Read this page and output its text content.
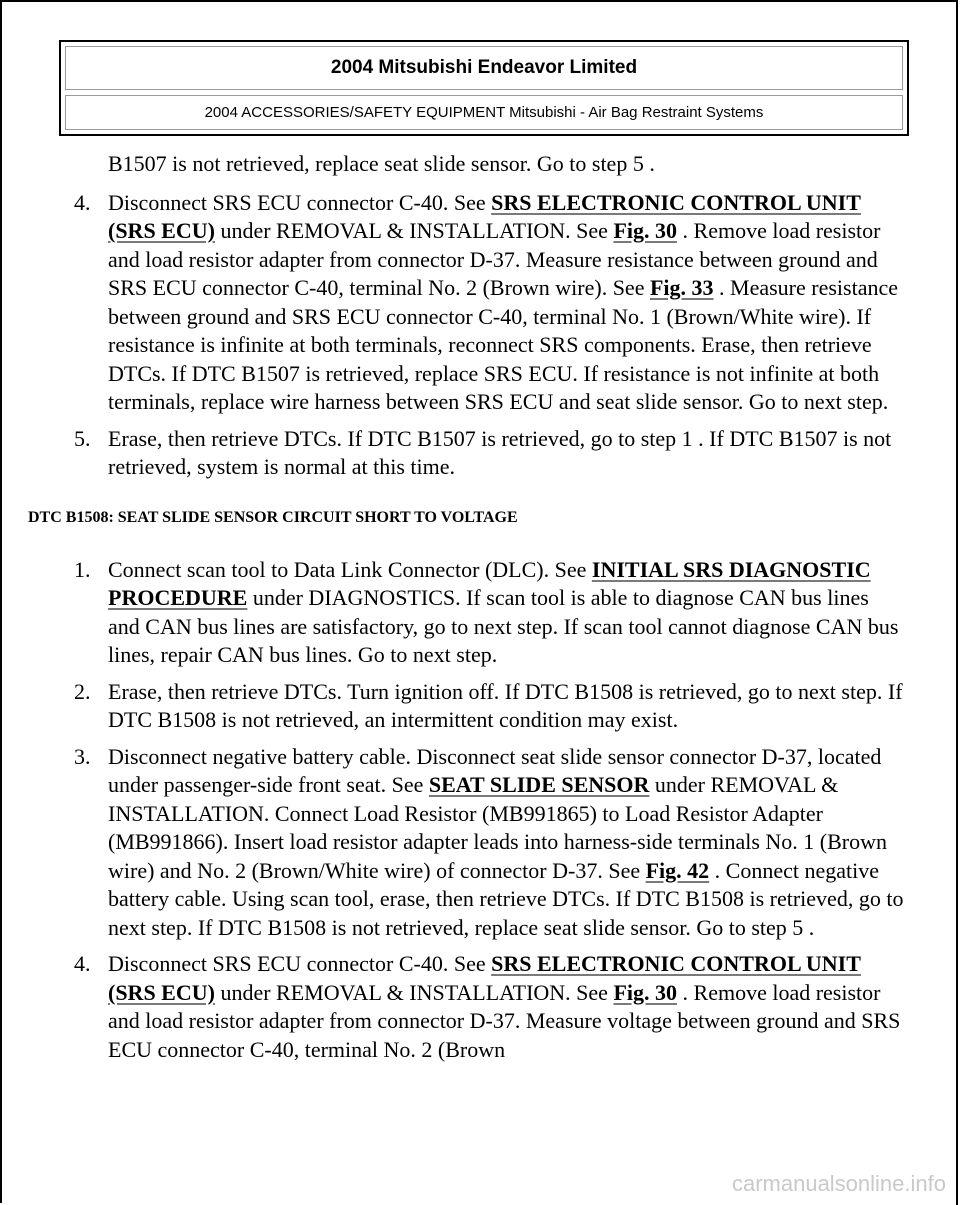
2004 Mitsubishi Endeavor Limited
2004 ACCESSORIES/SAFETY EQUIPMENT Mitsubishi - Air Bag Restraint Systems

B1507 is not retrieved, replace seat slide sensor. Go to step 5 .

4. Disconnect SRS ECU connector C-40. See SRS ELECTRONIC CONTROL UNIT (SRS ECU) under REMOVAL & INSTALLATION. See Fig. 30 . Remove load resistor and load resistor adapter from connector D-37. Measure resistance between ground and SRS ECU connector C-40, terminal No. 2 (Brown wire). See Fig. 33 . Measure resistance between ground and SRS ECU connector C-40, terminal No. 1 (Brown/White wire). If resistance is infinite at both terminals, reconnect SRS components. Erase, then retrieve DTCs. If DTC B1507 is retrieved, replace SRS ECU. If resistance is not infinite at both terminals, replace wire harness between SRS ECU and seat slide sensor. Go to next step.
5. Erase, then retrieve DTCs. If DTC B1507 is retrieved, go to step 1 . If DTC B1507 is not retrieved, system is normal at this time.
DTC B1508: SEAT SLIDE SENSOR CIRCUIT SHORT TO VOLTAGE
1. Connect scan tool to Data Link Connector (DLC). See INITIAL SRS DIAGNOSTIC PROCEDURE under DIAGNOSTICS. If scan tool is able to diagnose CAN bus lines and CAN bus lines are satisfactory, go to next step. If scan tool cannot diagnose CAN bus lines, repair CAN bus lines. Go to next step.
2. Erase, then retrieve DTCs. Turn ignition off. If DTC B1508 is retrieved, go to next step. If DTC B1508 is not retrieved, an intermittent condition may exist.
3. Disconnect negative battery cable. Disconnect seat slide sensor connector D-37, located under passenger-side front seat. See SEAT SLIDE SENSOR under REMOVAL & INSTALLATION. Connect Load Resistor (MB991865) to Load Resistor Adapter (MB991866). Insert load resistor adapter leads into harness-side terminals No. 1 (Brown wire) and No. 2 (Brown/White wire) of connector D-37. See Fig. 42 . Connect negative battery cable. Using scan tool, erase, then retrieve DTCs. If DTC B1508 is retrieved, go to next step. If DTC B1508 is not retrieved, replace seat slide sensor. Go to step 5 .
4. Disconnect SRS ECU connector C-40. See SRS ELECTRONIC CONTROL UNIT (SRS ECU) under REMOVAL & INSTALLATION. See Fig. 30 . Remove load resistor and load resistor adapter from connector D-37. Measure voltage between ground and SRS ECU connector C-40, terminal No. 2 (Brown
carmanualsonline.info
